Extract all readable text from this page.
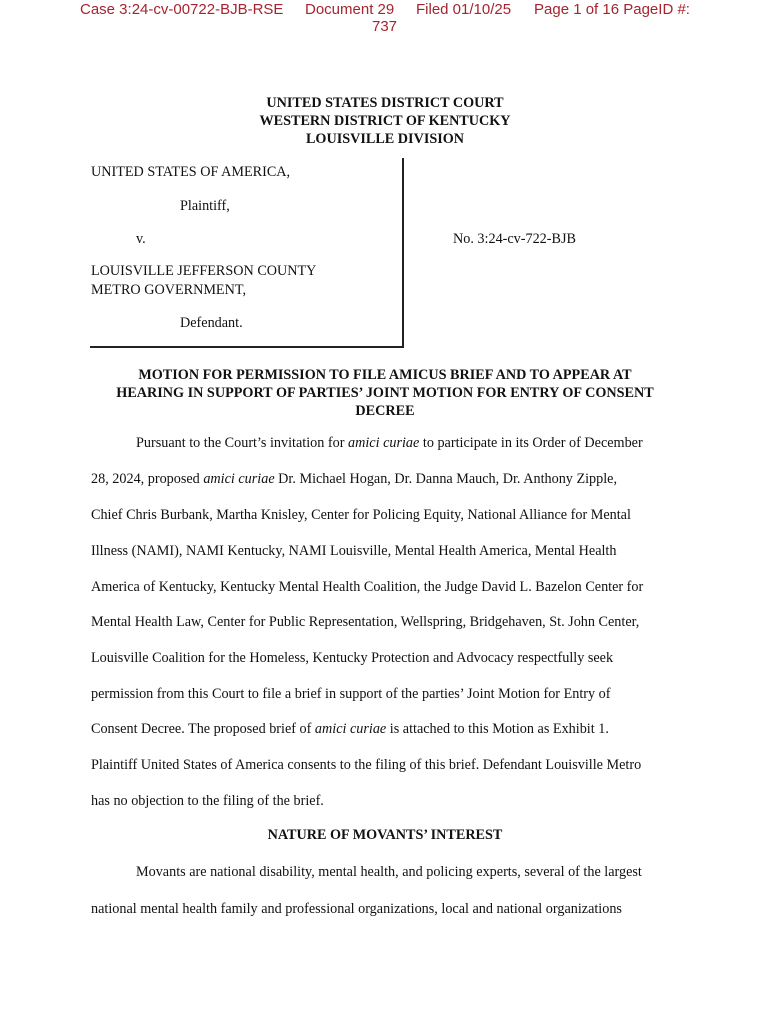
Case 3:24-cv-00722-BJB-RSE Document 29 Filed 01/10/25 Page 1 of 16 PageID #:
737
UNITED STATES DISTRICT COURT
WESTERN DISTRICT OF KENTUCKY
LOUISVILLE DIVISION
UNITED STATES OF AMERICA,
Plaintiff,
v.	No. 3:24-cv-722-BJB
LOUISVILLE JEFFERSON COUNTY
METRO GOVERNMENT,
Defendant.
MOTION FOR PERMISSION TO FILE AMICUS BRIEF AND TO APPEAR AT
HEARING IN SUPPORT OF PARTIES’ JOINT MOTION FOR ENTRY OF CONSENT
DECREE
Pursuant to the Court’s invitation for amici curiae to participate in its Order of December
28, 2024, proposed amici curiae Dr. Michael Hogan, Dr. Danna Mauch, Dr. Anthony Zipple,
Chief Chris Burbank, Martha Knisley, Center for Policing Equity, National Alliance for Mental
Illness (NAMI), NAMI Kentucky, NAMI Louisville, Mental Health America, Mental Health
America of Kentucky, Kentucky Mental Health Coalition, the Judge David L. Bazelon Center for
Mental Health Law, Center for Public Representation, Wellspring, Bridgehaven, St. John Center,
Louisville Coalition for the Homeless, Kentucky Protection and Advocacy respectfully seek
permission from this Court to file a brief in support of the parties’ Joint Motion for Entry of
Consent Decree. The proposed brief of amici curiae is attached to this Motion as Exhibit 1.
Plaintiff United States of America consents to the filing of this brief. Defendant Louisville Metro
has no objection to the filing of the brief.
NATURE OF MOVANTS’ INTEREST
Movants are national disability, mental health, and policing experts, several of the largest
national mental health family and professional organizations, local and national organizations
